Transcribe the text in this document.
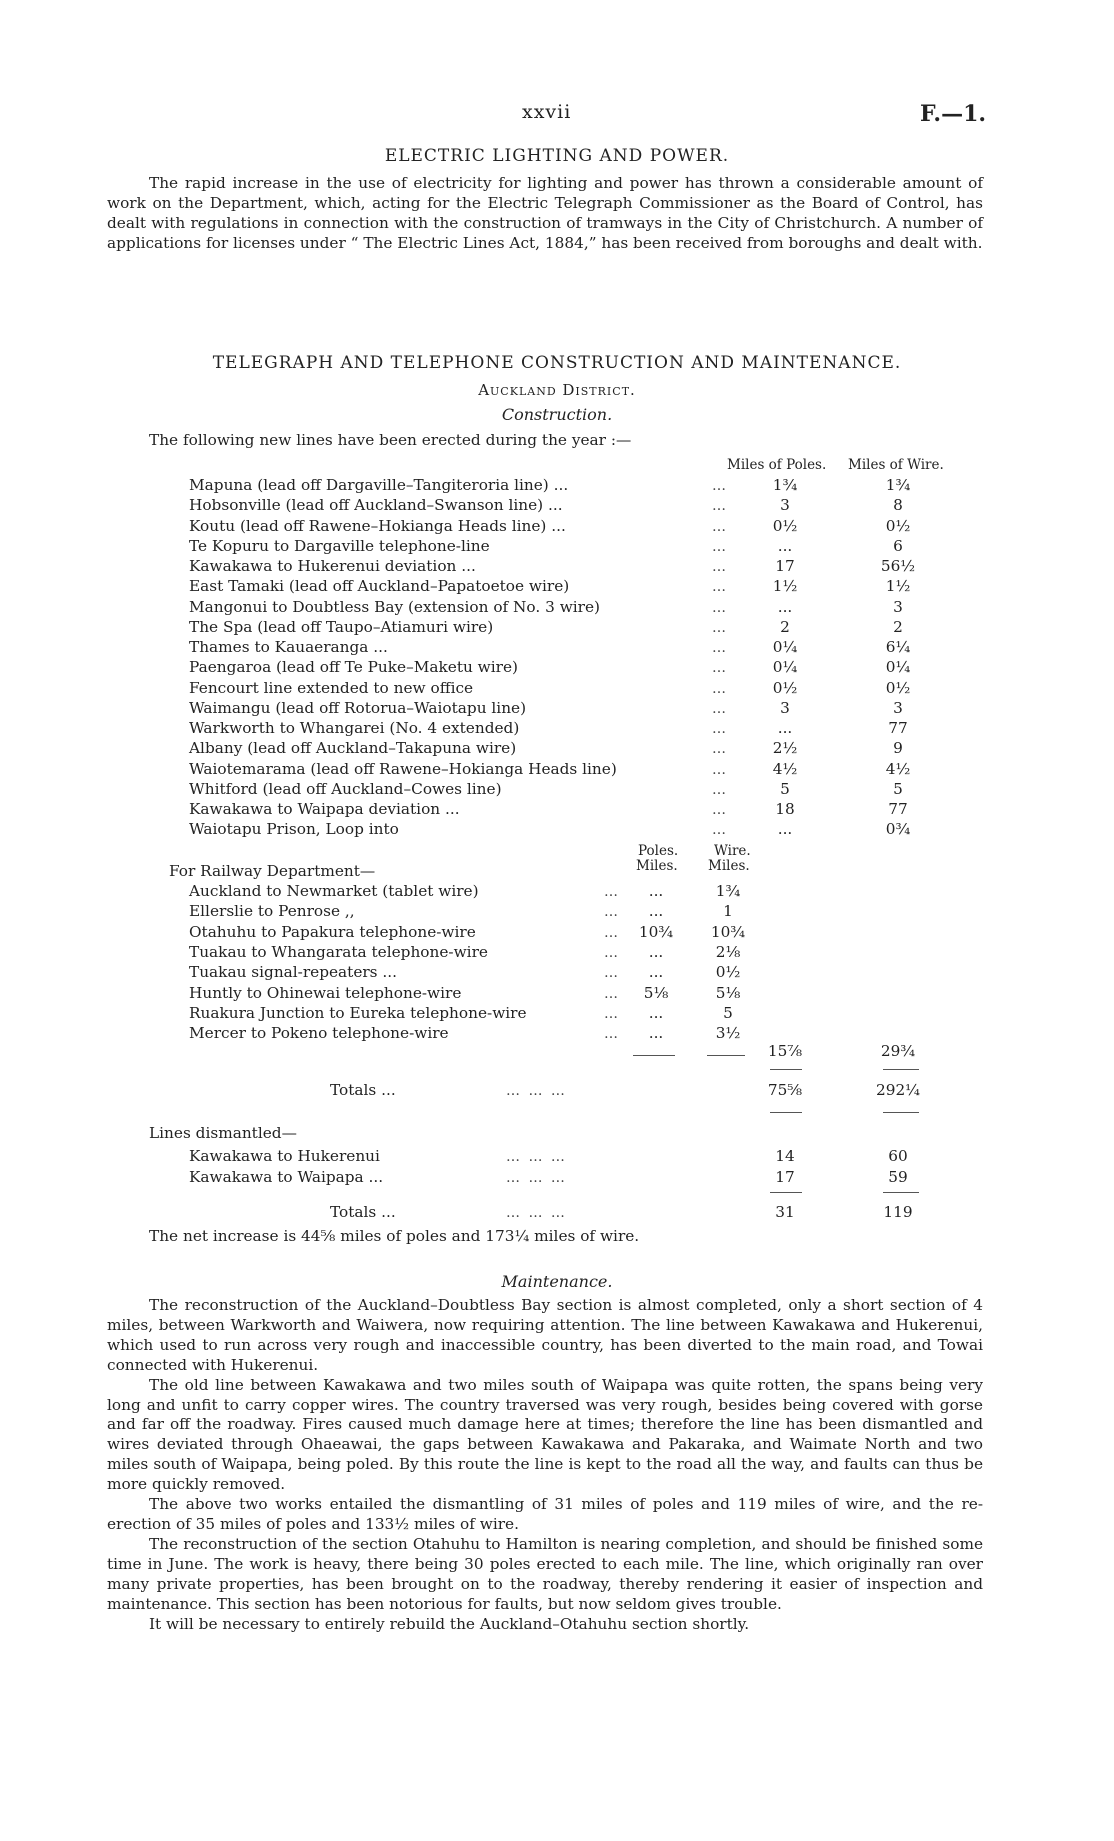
xxvii	F.—1.
ELECTRIC LIGHTING AND POWER.

The rapid increase in the use of electricity for lighting and power has thrown a considerable amount of work on the Department, which, acting for the Electric Telegraph Commissioner as the Board of Control, has dealt with regulations in connection with the construction of tramways in the City of Christchurch. A number of applications for licenses under “ The Electric Lines Act, 1884,” has been received from boroughs and dealt with.

TELEGRAPH AND TELEPHONE CONSTRUCTION AND MAINTENANCE.
Auckland District.
Construction.
The following new lines have been erected during the year :—
Miles of Poles. Miles of Wire.
Mapuna (lead off Dargaville–Tangiteroria line) ...	…	1¾	1¾
Hobsonville (lead off Auckland–Swanson line) ...	…	3	8
Koutu (lead off Rawene–Hokianga Heads line) ...	…	0½	0½
Te Kopuru to Dargaville telephone-line	…	...	6
Kawakawa to Hukerenui deviation ...	…	17	56½
East Tamaki (lead off Auckland–Papatoetoe wire)	…	1½	1½
Mangonui to Doubtless Bay (extension of No. 3 wire)	…	...	3
The Spa (lead off Taupo–Atiamuri wire)	…	2	2
Thames to Kauaeranga ...	…	0¼	6¼
Paengaroa (lead off Te Puke–Maketu wire)	…	0¼	0¼
Fencourt line extended to new office	…	0½	0½
Waimangu (lead off Rotorua–Waiotapu line)	…	3	3
Warkworth to Whangarei (No. 4 extended)	…	...	77
Albany (lead off Auckland–Takapuna wire)	…	2½	9
Waiotemarama (lead off Rawene–Hokianga Heads line)	…	4½	4½
Whitford (lead off Auckland–Cowes line)	…	5	5
Kawakawa to Waipapa deviation ...	…	18	77
Waiotapu Prison, Loop into	…	...	0¾
Poles.
Miles.
Wire.
Miles.
For Railway Department—
Auckland to Newmarket (tablet wire)	…	...	1¾
Ellerslie to Penrose ,,	…	...	1
Otahuhu to Papakura telephone-wire	…	10¾	10¾
Tuakau to Whangarata telephone-wire	…	...	2⅛
Tuakau signal-repeaters ...	…	...	0½
Huntly to Ohinewai telephone-wire	…	5⅛	5⅛
Ruakura Junction to Eureka telephone-wire	…	...	5
Mercer to Pokeno telephone-wire	…	...	3½
15⅞	29¾
Totals ...	… … …	75⅝	292¼
Lines dismantled—
Kawakawa to Hukerenui	… … …	14	60
Kawakawa to Waipapa ...	… … …	17	59
Totals ...	… … …	31	119
The net increase is 44⅝ miles of poles and 173¼ miles of wire.
Maintenance.

The reconstruction of the Auckland–Doubtless Bay section is almost completed, only a short section of 4 miles, between Warkworth and Waiwera, now requiring attention. The line between Kawakawa and Hukerenui, which used to run across very rough and inaccessible country, has been diverted to the main road, and Towai connected with Hukerenui.

The old line between Kawakawa and two miles south of Waipapa was quite rotten, the spans being very long and unfit to carry copper wires. The country traversed was very rough, besides being covered with gorse and far off the roadway. Fires caused much damage here at times; therefore the line has been dismantled and wires deviated through Ohaeawai, the gaps between Kawakawa and Pakaraka, and Waimate North and two miles south of Waipapa, being poled. By this route the line is kept to the road all the way, and faults can thus be more quickly removed.

The above two works entailed the dismantling of 31 miles of poles and 119 miles of wire, and the re-erection of 35 miles of poles and 133½ miles of wire.

The reconstruction of the section Otahuhu to Hamilton is nearing completion, and should be finished some time in June. The work is heavy, there being 30 poles erected to each mile. The line, which originally ran over many private properties, has been brought on to the roadway, thereby rendering it easier of inspection and maintenance. This section has been notorious for faults, but now seldom gives trouble.

It will be necessary to entirely rebuild the Auckland–Otahuhu section shortly.
